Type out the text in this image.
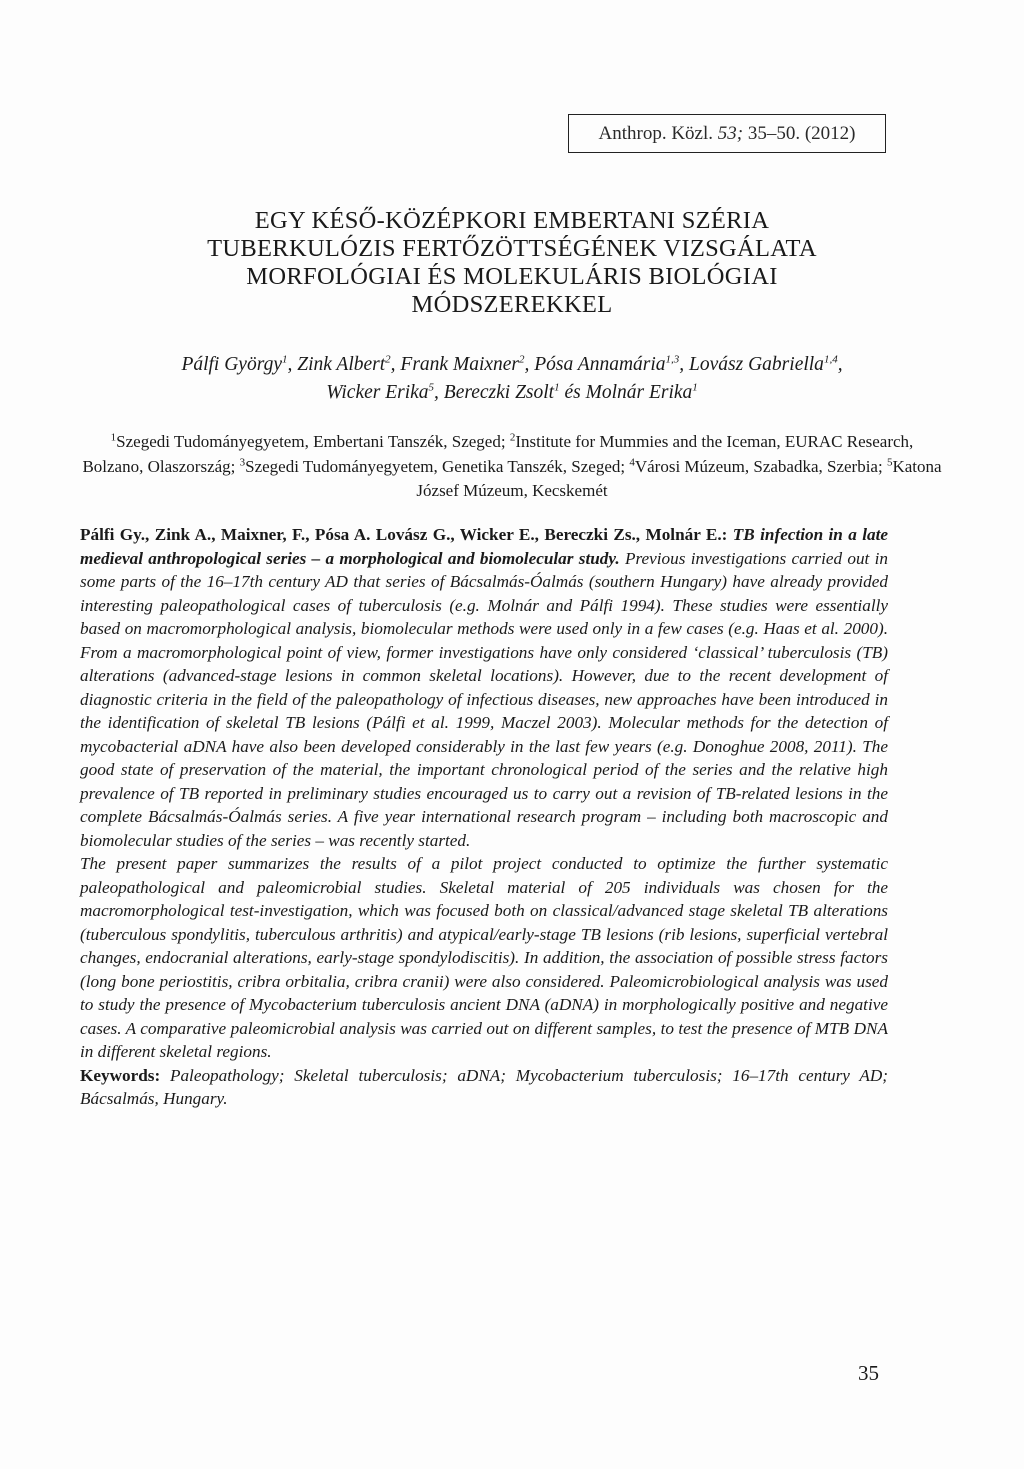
Anthrop. Közl. 53; 35–50. (2012)
EGY KÉSŐ-KÖZÉPKORI EMBERTANI SZÉRIA
TUBERKULÓZIS FERTŐZÖTTSÉGÉNEK VIZSGÁLATA
MORFOLÓGIAI ÉS MOLEKULÁRIS BIOLÓGIAI
MÓDSZEREKKEL
Pálfi György$^1$, Zink Albert$^2$, Frank Maixner$^2$, Pósa Annamária$^{1,3}$, Lovász Gabriella$^{1,4}$,
Wicker Erika$^5$, Bereczki Zsolt$^1$ és Molnár Erika$^1$
$^1$Szegedi Tudományegyetem, Embertani Tanszék, Szeged; $^2$Institute for Mummies and the Iceman, EURAC Research, Bolzano, Olaszország; $^3$Szegedi Tudományegyetem, Genetika Tanszék, Szeged; $^4$Városi Múzeum, Szabadka, Szerbia; $^5$Katona József Múzeum, Kecskemét

Pálfi Gy., Zink A., Maixner, F., Pósa A. Lovász G., Wicker E., Bereczki Zs., Molnár E.: TB infection in a late medieval anthropological series – a morphological and biomolecular study. Previous investigations carried out in some parts of the 16–17th century AD that series of Bácsalmás-Óalmás (southern Hungary) have already provided interesting paleopathological cases of tuberculosis (e.g. Molnár and Pálfi 1994). These studies were essentially based on macromorphological analysis, biomolecular methods were used only in a few cases (e.g. Haas et al. 2000). From a macromorphological point of view, former investigations have only considered ‘classical’ tuberculosis (TB) alterations (advanced-stage lesions in common skeletal locations). However, due to the recent development of diagnostic criteria in the field of the paleopathology of infectious diseases, new approaches have been introduced in the identification of skeletal TB lesions (Pálfi et al. 1999, Maczel 2003). Molecular methods for the detection of mycobacterial aDNA have also been developed considerably in the last few years (e.g. Donoghue 2008, 2011). The good state of preservation of the material, the important chronological period of the series and the relative high prevalence of TB reported in preliminary studies encouraged us to carry out a revision of TB-related lesions in the complete Bácsalmás-Óalmás series. A five year international research program – including both macroscopic and biomolecular studies of the series – was recently started.

The present paper summarizes the results of a pilot project conducted to optimize the further systematic paleopathological and paleomicrobial studies. Skeletal material of 205 individuals was chosen for the macromorphological test-investigation, which was focused both on classical/advanced stage skeletal TB alterations (tuberculous spondylitis, tuberculous arthritis) and atypical/early-stage TB lesions (rib lesions, superficial vertebral changes, endocranial alterations, early-stage spondylodiscitis). In addition, the association of possible stress factors (long bone periostitis, cribra orbitalia, cribra cranii) were also considered. Paleomicrobiological analysis was used to study the presence of Mycobacterium tuberculosis ancient DNA (aDNA) in morphologically positive and negative cases. A comparative paleomicrobial analysis was carried out on different samples, to test the presence of MTB DNA in different skeletal regions.

Keywords: Paleopathology; Skeletal tuberculosis; aDNA; Mycobacterium tuberculosis; 16–17th century AD; Bácsalmás, Hungary.

35
